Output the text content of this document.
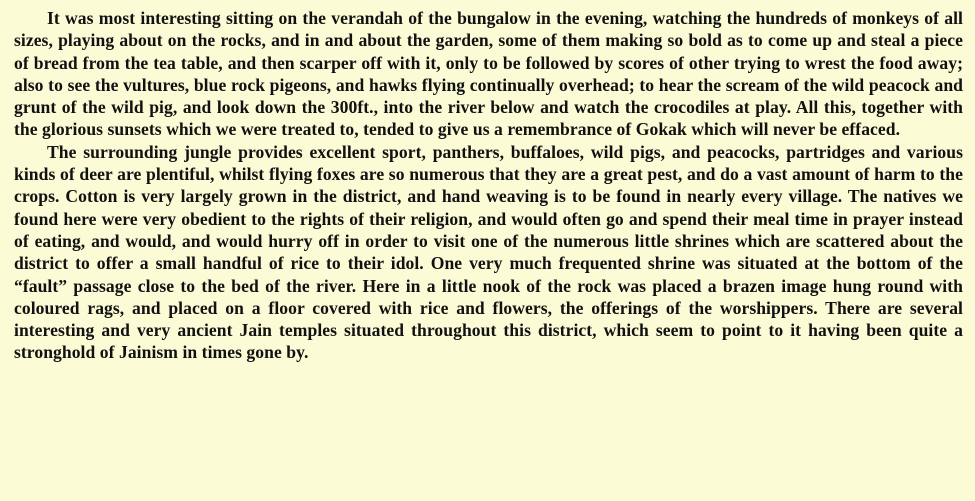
It was most interesting sitting on the verandah of the bungalow in the evening, watching the hundreds of monkeys of all sizes, playing about on the rocks, and in and about the garden, some of them making so bold as to come up and steal a piece of bread from the tea table, and then scarper off with it, only to be followed by scores of other trying to wrest the food away; also to see the vultures, blue rock pigeons, and hawks flying continually overhead; to hear the scream of the wild peacock and grunt of the wild pig, and look down the 300ft., into the river below and watch the crocodiles at play. All this, together with the glorious sunsets which we were treated to, tended to give us a remembrance of Gokak which will never be effaced.

The surrounding jungle provides excellent sport, panthers, buffaloes, wild pigs, and peacocks, partridges and various kinds of deer are plentiful, whilst flying foxes are so numerous that they are a great pest, and do a vast amount of harm to the crops. Cotton is very largely grown in the district, and hand weaving is to be found in nearly every village. The natives we found here were very obedient to the rights of their religion, and would often go and spend their meal time in prayer instead of eating, and would, and would hurry off in order to visit one of the numerous little shrines which are scattered about the district to offer a small handful of rice to their idol. One very much frequented shrine was situated at the bottom of the “fault” passage close to the bed of the river. Here in a little nook of the rock was placed a brazen image hung round with coloured rags, and placed on a floor covered with rice and flowers, the offerings of the worshippers. There are several interesting and very ancient Jain temples situated throughout this district, which seem to point to it having been quite a stronghold of Jainism in times gone by.
